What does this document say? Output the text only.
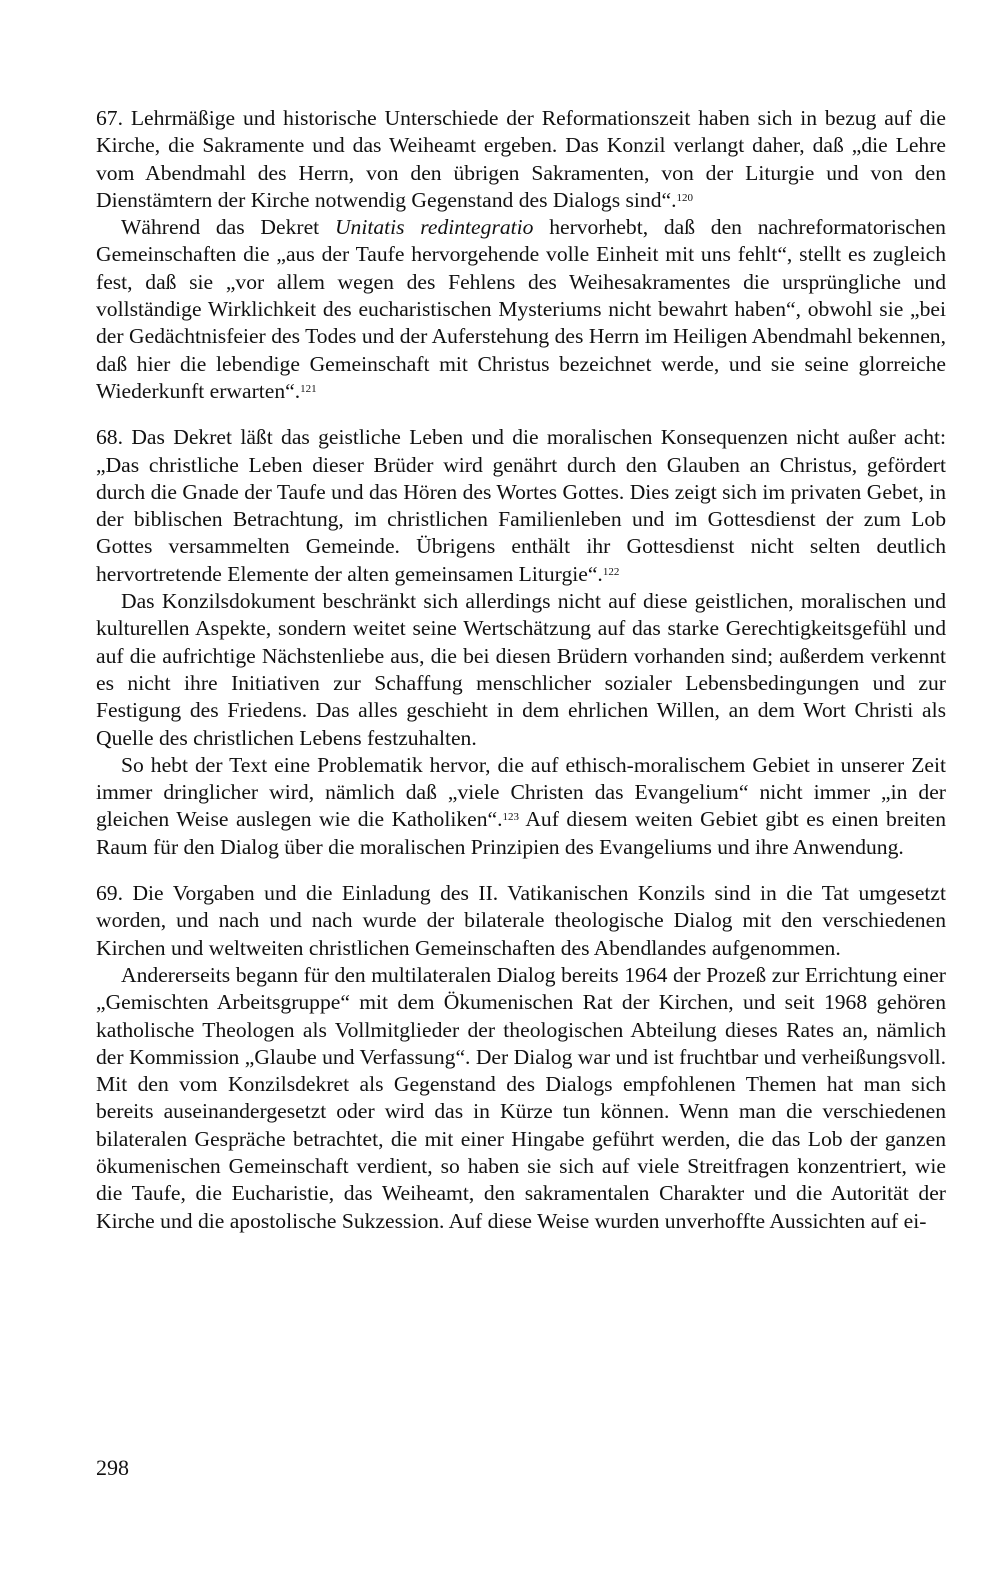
67. Lehrmäßige und historische Unterschiede der Reformationszeit haben sich in bezug auf die Kirche, die Sakramente und das Weiheamt ergeben. Das Konzil verlangt daher, daß „die Lehre vom Abendmahl des Herrn, von den übrigen Sakramenten, von der Liturgie und von den Dienstämtern der Kirche notwendig Gegenstand des Dialogs sind“.$^{120}$

Während das Dekret Unitatis redintegratio hervorhebt, daß den nachreformatorischen Gemeinschaften die „aus der Taufe hervorgehende volle Einheit mit uns fehlt“, stellt es zugleich fest, daß sie „vor allem wegen des Fehlens des Weihesakramentes die ursprüngliche und vollständige Wirklichkeit des eucharistischen Mysteriums nicht bewahrt haben“, obwohl sie „bei der Gedächtnisfeier des Todes und der Auferstehung des Herrn im Heiligen Abendmahl bekennen, daß hier die lebendige Gemeinschaft mit Christus bezeichnet werde, und sie seine glorreiche Wiederkunft erwarten“.$^{121}$

68. Das Dekret läßt das geistliche Leben und die moralischen Konsequenzen nicht außer acht: „Das christliche Leben dieser Brüder wird genährt durch den Glauben an Christus, gefördert durch die Gnade der Taufe und das Hören des Wortes Gottes. Dies zeigt sich im privaten Gebet, in der biblischen Betrachtung, im christlichen Familienleben und im Gottesdienst der zum Lob Gottes versammelten Gemeinde. Übrigens enthält ihr Gottesdienst nicht selten deutlich hervortretende Elemente der alten gemeinsamen Liturgie“.$^{122}$

Das Konzilsdokument beschränkt sich allerdings nicht auf diese geistlichen, moralischen und kulturellen Aspekte, sondern weitet seine Wertschätzung auf das starke Gerechtigkeitsgefühl und auf die aufrichtige Nächstenliebe aus, die bei diesen Brüdern vorhanden sind; außerdem verkennt es nicht ihre Initiativen zur Schaffung menschlicher sozialer Lebensbedingungen und zur Festigung des Friedens. Das alles geschieht in dem ehrlichen Willen, an dem Wort Christi als Quelle des christlichen Lebens festzuhalten.

So hebt der Text eine Problematik hervor, die auf ethisch-moralischem Gebiet in unserer Zeit immer dringlicher wird, nämlich daß „viele Christen das Evangelium“ nicht immer „in der gleichen Weise auslegen wie die Katholiken“.$^{123}$ Auf diesem weiten Gebiet gibt es einen breiten Raum für den Dialog über die moralischen Prinzipien des Evangeliums und ihre Anwendung.

69. Die Vorgaben und die Einladung des II. Vatikanischen Konzils sind in die Tat umgesetzt worden, und nach und nach wurde der bilaterale theologische Dialog mit den verschiedenen Kirchen und weltweiten christlichen Gemeinschaften des Abendlandes aufgenommen.

Andererseits begann für den multilateralen Dialog bereits 1964 der Prozeß zur Errichtung einer „Gemischten Arbeitsgruppe“ mit dem Ökumenischen Rat der Kirchen, und seit 1968 gehören katholische Theologen als Vollmitglieder der theologischen Abteilung dieses Rates an, nämlich der Kommission „Glaube und Verfassung“. Der Dialog war und ist fruchtbar und verheißungsvoll. Mit den vom Konzilsdekret als Gegenstand des Dialogs empfohlenen Themen hat man sich bereits auseinandergesetzt oder wird das in Kürze tun können. Wenn man die verschiedenen bilateralen Gespräche betrachtet, die mit einer Hingabe geführt werden, die das Lob der ganzen ökumenischen Gemeinschaft verdient, so haben sie sich auf viele Streitfragen konzentriert, wie die Taufe, die Eucharistie, das Weiheamt, den sakramentalen Charakter und die Autorität der Kirche und die apostolische Sukzession. Auf diese Weise wurden unverhoffte Aussichten auf ei-

298
